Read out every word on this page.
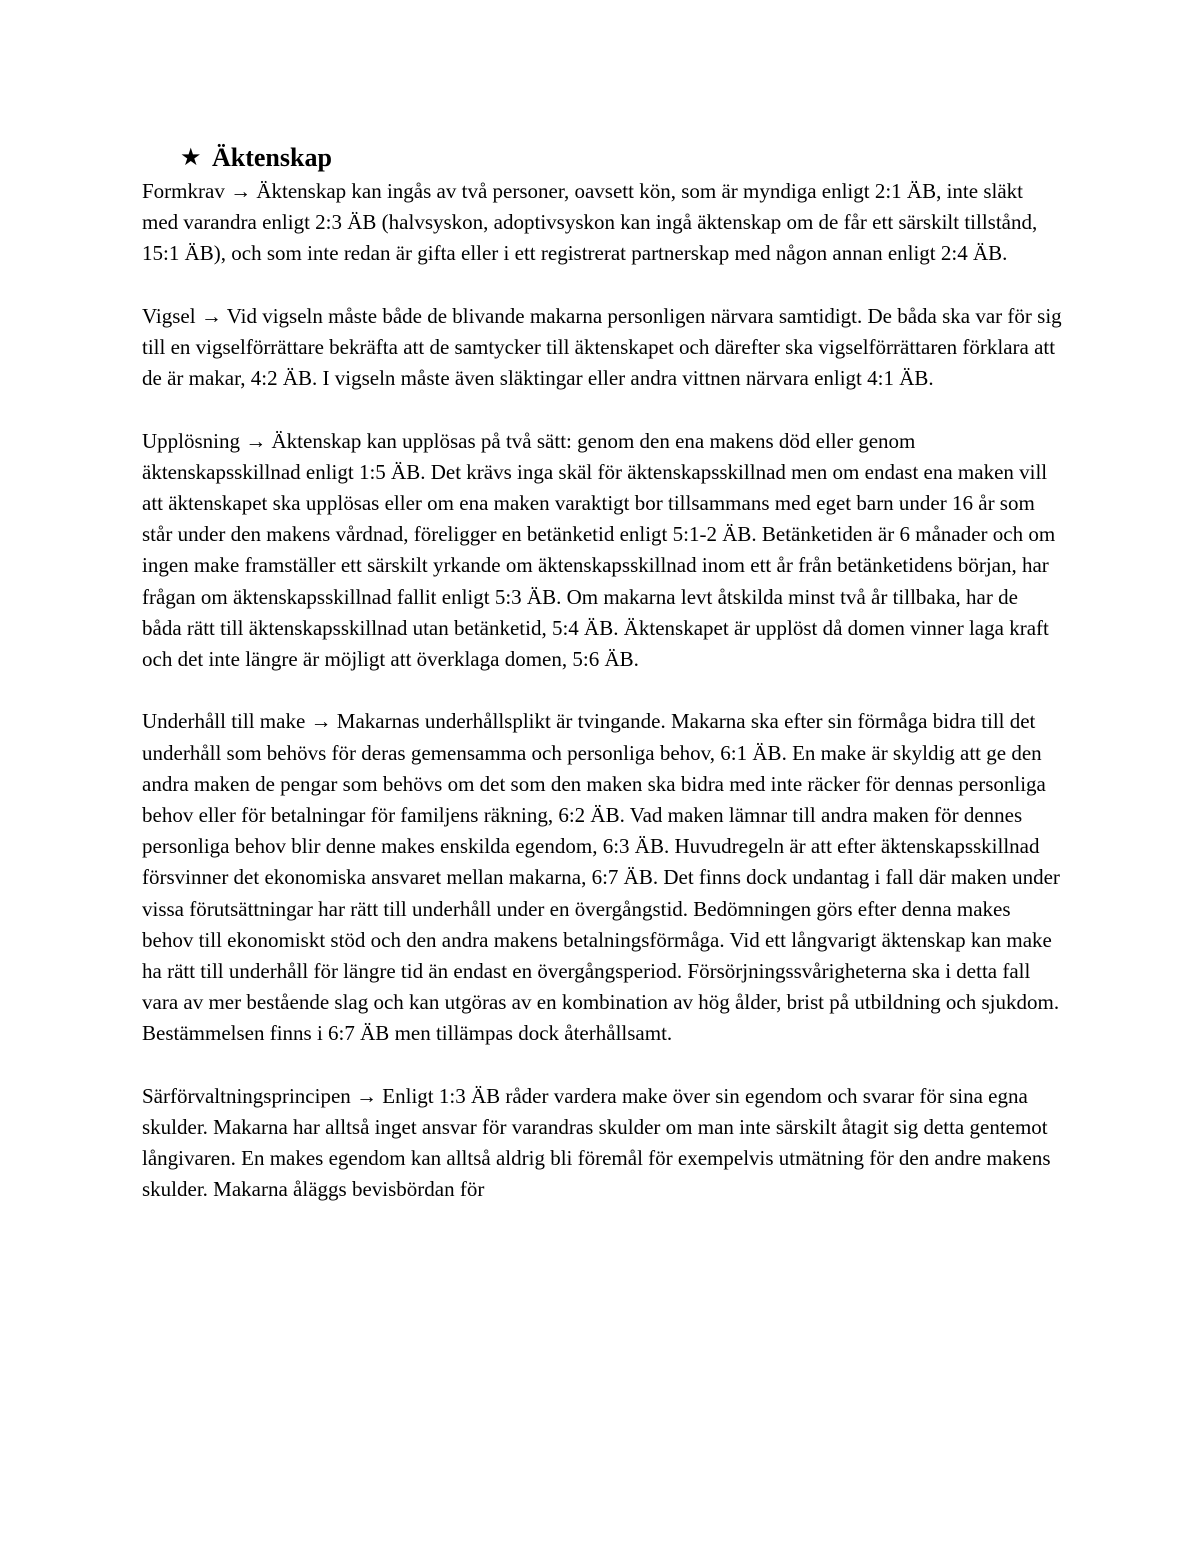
★ Äktenskap

Formkrav → Äktenskap kan ingås av två personer, oavsett kön, som är myndiga enligt 2:1 ÄB, inte släkt med varandra enligt 2:3 ÄB (halvsyskon, adoptivsyskon kan ingå äktenskap om de får ett särskilt tillstånd, 15:1 ÄB), och som inte redan är gifta eller i ett registrerat partnerskap med någon annan enligt 2:4 ÄB.

Vigsel → Vid vigseln måste både de blivande makarna personligen närvara samtidigt. De båda ska var för sig till en vigselförrättare bekräfta att de samtycker till äktenskapet och därefter ska vigselförrättaren förklara att de är makar, 4:2 ÄB. I vigseln måste även släktingar eller andra vittnen närvara enligt 4:1 ÄB.

Upplösning → Äktenskap kan upplösas på två sätt: genom den ena makens död eller genom äktenskapsskillnad enligt 1:5 ÄB. Det krävs inga skäl för äktenskapsskillnad men om endast ena maken vill att äktenskapet ska upplösas eller om ena maken varaktigt bor tillsammans med eget barn under 16 år som står under den makens vårdnad, föreligger en betänketid enligt 5:1-2 ÄB. Betänketiden är 6 månader och om ingen make framställer ett särskilt yrkande om äktenskapsskillnad inom ett år från betänketidens början, har frågan om äktenskapsskillnad fallit enligt 5:3 ÄB. Om makarna levt åtskilda minst två år tillbaka, har de båda rätt till äktenskapsskillnad utan betänketid, 5:4 ÄB. Äktenskapet är upplöst då domen vinner laga kraft och det inte längre är möjligt att överklaga domen, 5:6 ÄB.

Underhåll till make → Makarnas underhållsplikt är tvingande. Makarna ska efter sin förmåga bidra till det underhåll som behövs för deras gemensamma och personliga behov, 6:1 ÄB. En make är skyldig att ge den andra maken de pengar som behövs om det som den maken ska bidra med inte räcker för dennas personliga behov eller för betalningar för familjens räkning, 6:2 ÄB. Vad maken lämnar till andra maken för dennes personliga behov blir denne makes enskilda egendom, 6:3 ÄB. Huvudregeln är att efter äktenskapsskillnad försvinner det ekonomiska ansvaret mellan makarna, 6:7 ÄB. Det finns dock undantag i fall där maken under vissa förutsättningar har rätt till underhåll under en övergångstid. Bedömningen görs efter denna makes behov till ekonomiskt stöd och den andra makens betalningsförmåga. Vid ett långvarigt äktenskap kan make ha rätt till underhåll för längre tid än endast en övergångsperiod. Försörjningssvårigheterna ska i detta fall vara av mer bestående slag och kan utgöras av en kombination av hög ålder, brist på utbildning och sjukdom. Bestämmelsen finns i 6:7 ÄB men tillämpas dock återhållsamt.

Särförvaltningsprincipen → Enligt 1:3 ÄB råder vardera make över sin egendom och svarar för sina egna skulder. Makarna har alltså inget ansvar för varandras skulder om man inte särskilt åtagit sig detta gentemot långivaren. En makes egendom kan alltså aldrig bli föremål för exempelvis utmätning för den andre makens skulder. Makarna åläggs bevisbördan för
